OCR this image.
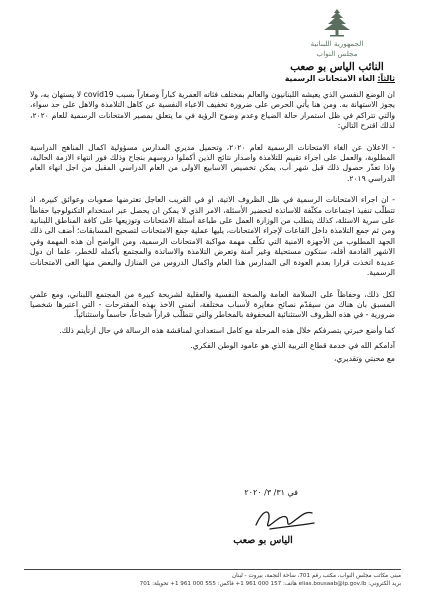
الجمهورية اللبنانية
مجلس النواب
النائب الياس بو صعب
ثالثاً: الغاء الامتحانات الرسمية

ان الوضع النفسي الذي يعيشه اللبنانيون والعالم بمختلف فئاته العمرية كباراً وصغاراً بسبب covid19 لا يستهان به، ولا يجوز الاستهانة به. ومن هنا يأتي الحرص على ضرورة تخفيف الاعباء النفسية عن كاهل التلامذة والاهل على حد سواء، والتي تتراكم في ظل استمرار حالة الضياع وعدم وضوح الرؤية في ما يتعلق بمصير الامتحانات الرسمية للعام ٢٠٢٠، لذلك اقترح التالي:

- الاعلان عن الغاء الامتحانات الرسمية لعام ٢٠٢٠، وتحميل مديري المدارس مسؤولية اكمال المناهج الدراسية المطلوبة، والعمل على اجراء تقييم للتلامذة واصدار نتائج الذين أكملوا دروسهم بنجاح وذلك فور انتهاء الازمة الحالية، واذا تعذّر حصول ذلك قبل شهر أب، يمكن تخصيص الاسابيع الاولى من العام الدراسي المقبل من اجل انهاء العام الدراسي ٢٠١٩.

- ان اجراء الامتحانات الرسمية في ظل الظروف الاتية، او في القريب العاجل تعترضها صعوبات وعوائق كبيرة، اذ تتطلّب تنفيذ اجتماعات مكثّفة للاساتذة لتحضير الأسئلة، الامر الذي لا يمكن ان يحصل عبر استخدام التكنولوجيا حفاظاً على سرية الاسئلة، كذلك يتطلب من الوزارة العمل على طباعة أسئلة الامتحانات وتوزيعها على كافة المناطق اللبنانية ومن ثم جمع التلامذة داخل القاعات لإجراء الامتحانات، يليها عملية جمع الامتحانات لتصحيح المسابقات؛ أضف الى ذلك الجهد المطلوب من الأجهزة الامنية التي تكلّف مهمة مواكبة الامتحانات الرسمية، ومن الواضح أن هذه المهمة وفي الاشهر القادمة أقله، ستكون مستحيلة وغير آمنة وتعرض التلامذة والاساتذة والمجتمع بأكمله للخطر، علما ان دول عديدة اتخذت قرارا بعدم العودة الى المدارس هذا العام واكمال الدروس من المنازل والبعض منها الغى الامتحانات الرسمية.

لكل ذلك، وحفاظاً على السلامة العامة والصحة النفسية والعقلية لشريحة كبيرة من المجتمع اللبناني، ومع علمي المسبق بان هناك من سيقدّم نصائح مغايرة لأسباب مختلفة، أتمنى الاخذ بهذه المقترحات - التي اعتبرها شخصيا ضرورية - في هذه الظروف الاستثنائية المحفوفة بالمخاطر والتي تتطلّب قراراً شجاعاً، حاسماً واستثنائياً.

كما وأضع خبرتي بتصرفكم خلال هذه المرحلة مع كامل استعدادي لمناقشة هذه الرسالة في حال ارتأيتم ذلك.

آدامكم الله في خدمة قطاع التربية الذي هو عامود الوطن الفكري.

مع محبتي وتقديري،

في ٣١/ ٣/ ٢٠٢٠
الياس بو صعب
مبنى مكاتب مجلس النواب، مكتب رقم 701، ساحة النجمة، بيروت - لبنان
بريد الكتروني: elias.bousaab@lp.gov.lb هاتف: 157 000 961 1+ فاكس: 555 000 961 1+ تحويلة: 701
